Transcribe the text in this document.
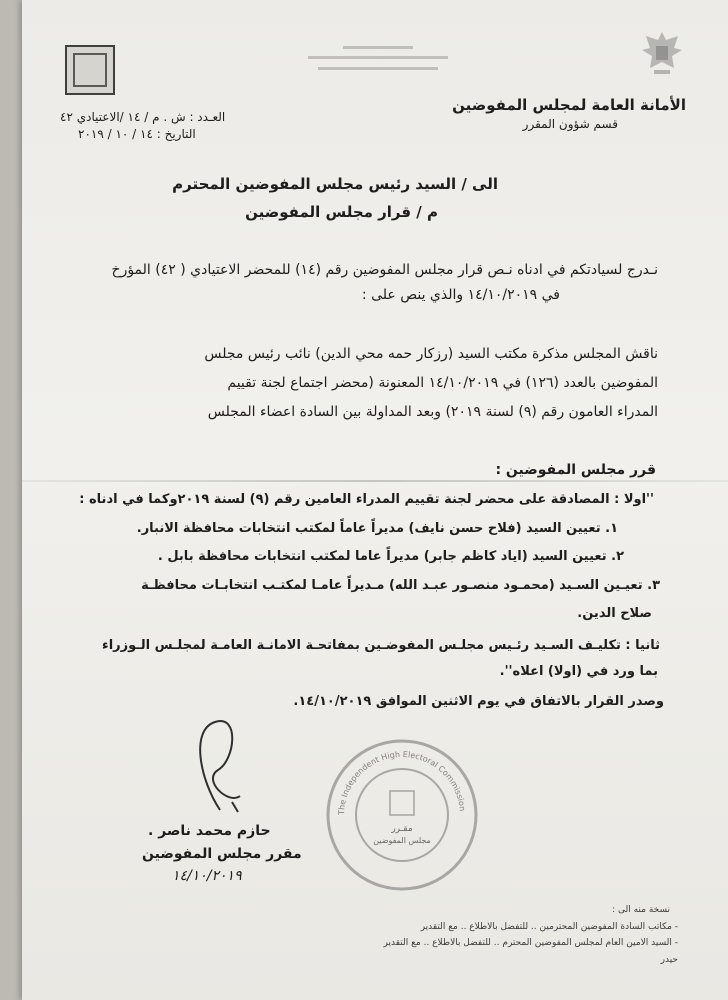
الأمانة العامة لمجلس المفوضين
قسم شؤون المقرر
العـدد : ش . م / ١٤ /الاعتيادي ٤٢
التاريخ : ١٤ / ١٠ / ٢٠١٩
الى / السيد رئيس مجلس المفوضين المحترم
م / قرار مجلس المفوضين
نـدرج لسيادتكم في ادناه نـص قرار مجلس المفوضين رقم (١٤) للمحضر الاعتيادي ( ٤٢) المؤرخ
في ١٤/١٠/٢٠١٩ والذي ينص على :
ناقش المجلس مذكرة مكتب السيد (رزكار حمه محي الدين) نائب رئيس مجلس
المفوضين بالعدد (١٢٦) في ١٤/١٠/٢٠١٩ المعنونة (محضر اجتماع لجنة تقييم
المدراء العامون رقم (٩) لسنة ٢٠١٩) وبعد المداولة بين السادة اعضاء المجلس
قرر مجلس المفوضين :
''اولا : المصادقة على محضر لجنة تقييم المدراء العامين رقم (٩) لسنة ٢٠١٩وكما في ادناه :
١. تعيين السيد (فلاح حسن نايف) مديراً عاماً لمكتب انتخابات محافظة الانبار.
٢. تعيين السيد (اياد كاظم جابر) مديراً عاما لمكتب انتخابات محافظة بابل .
٣. تعيـين السـيد (محمـود منصـور عبـد الله) مـديراً عامـا لمكتـب انتخابـات محافظـة
صلاح الدين.
ثانيا : تكليـف السـيد رئـيس مجلـس المفوضـين بمفاتحـة الامانـة العامـة لمجلـس الـوزراء
بما ورد في (اولا) اعلاه''.
وصدر القرار بالاتفاق في يوم الاثنين الموافق ١٤/١٠/٢٠١٩.
حازم محمد ناصر .
مقرر مجلس المفوضين
١٤/١٠/٢٠١٩
The Independent High Electoral Commission
مقـرر
مجلس المفوضين
نسخة منه الى :
- مكاتب السادة المفوضين المحترمين .. للتفضل بالاطلاع .. مع التقدير
- السيد الامين العام لمجلس المفوضين المحترم .. للتفضل بالاطلاع .. مع التقدير
حيدر
